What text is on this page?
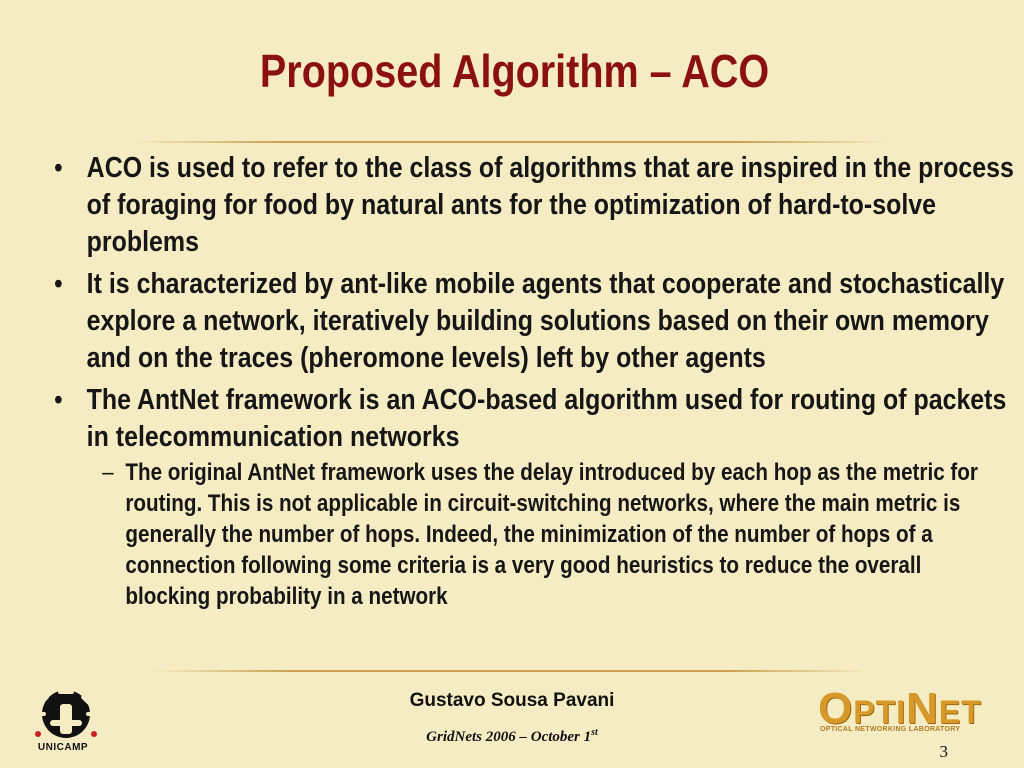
Proposed Algorithm – ACO
• ACO is used to refer to the class of algorithms that are inspired in the process of foraging for food by natural ants for the optimization of hard-to-solve problems
• It is characterized by ant-like mobile agents that cooperate and stochastically explore a network, iteratively building solutions based on their own memory and on the traces (pheromone levels) left by other agents
• The AntNet framework is an ACO-based algorithm used for routing of packets in telecommunication networks
– The original AntNet framework uses the delay introduced by each hop as the metric for routing. This is not applicable in circuit-switching networks, where the main metric is generally the number of hops. Indeed, the minimization of the number of hops of a connection following some criteria is a very good heuristics to reduce the overall blocking probability in a network
UNICAMP
Gustavo Sousa Pavani
GridNets 2006 – October 1st	OPTINET
OPTICAL NETWORKING LABORATORY
3
